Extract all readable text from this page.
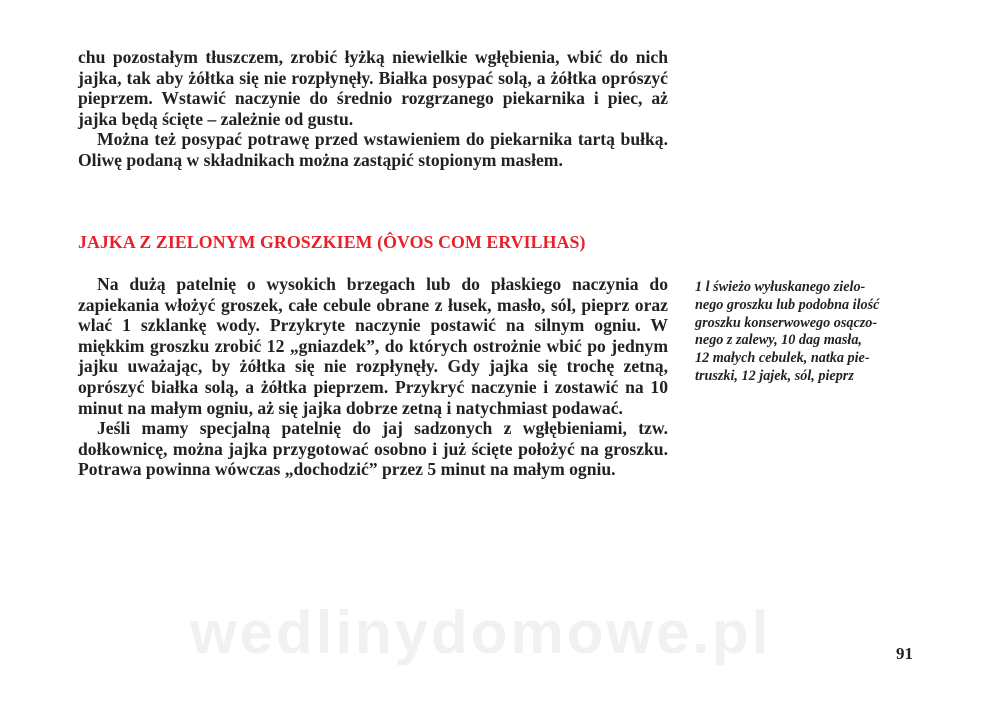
wedlinydomowe.pl

chu pozostałym tłuszczem, zrobić łyżką niewielkie wgłębienia, wbić do nich jajka, tak aby żółtka się nie rozpłynęły. Białka posypać solą, a żółtka oprószyć pieprzem. Wstawić naczynie do średnio rozgrzanego piekarnika i piec, aż jajka będą ścięte – zależnie od gustu.

Można też posypać potrawę przed wstawieniem do piekarnika tartą bułką. Oliwę podaną w składnikach można zastąpić stopionym masłem.

JAJKA Z ZIELONYM GROSZKIEM (ÔVOS COM ERVILHAS)

Na dużą patelnię o wysokich brzegach lub do płaskiego naczynia do zapiekania włożyć groszek, całe cebule obrane z łusek, masło, sól, pieprz oraz wlać 1 szklankę wody. Przykryte naczynie postawić na silnym ogniu. W miękkim groszku zrobić 12 „gniazdek”, do których ostrożnie wbić po jednym jajku uważając, by żółtka się nie rozpłynęły. Gdy jajka się trochę zetną, oprószyć białka solą, a żółtka pieprzem. Przykryć naczynie i zostawić na 10 minut na małym ogniu, aż się jajka dobrze zetną i natychmiast podawać.

Jeśli mamy specjalną patelnię do jaj sadzonych z wgłębieniami, tzw. dołkownicę, można jajka przygotować osobno i już ścięte położyć na groszku. Potrawa powinna wówczas „dochodzić” przez 5 minut na małym ogniu.

1 l świeżo wyłuskanego zielo-
nego groszku lub podobna ilość
groszku konserwowego osączo-
nego z zalewy, 10 dag masła,
12 małych cebulek, natka pie-
truszki, 12 jajek, sól, pieprz
91
